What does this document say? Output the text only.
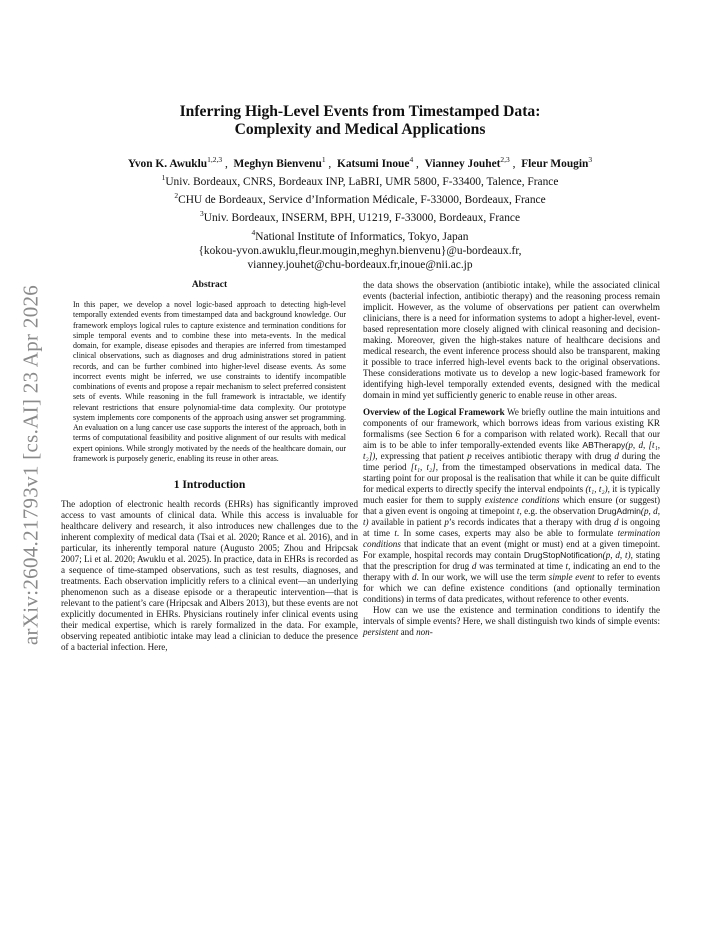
arXiv:2604.21793v1 [cs.AI] 23 Apr 2026
Inferring High-Level Events from Timestamped Data:
Complexity and Medical Applications
Yvon K. Awuklu$^{1,2,3}$ ,  Meghyn Bienvenu$^1$ ,  Katsumi Inoue$^4$ ,  Vianney Jouhet$^{2,3}$ ,  Fleur Mougin$^3$
$^1$Univ. Bordeaux, CNRS, Bordeaux INP, LaBRI, UMR 5800, F-33400, Talence, France
$^2$CHU de Bordeaux, Service d’Information Médicale, F-33000, Bordeaux, France
$^3$Univ. Bordeaux, INSERM, BPH, U1219, F-33000, Bordeaux, France
$^4$National Institute of Informatics, Tokyo, Japan
{kokou-yvon.awuklu,fleur.mougin,meghyn.bienvenu}@u-bordeaux.fr,
vianney.jouhet@chu-bordeaux.fr,inoue@nii.ac.jp
Abstract

In this paper, we develop a novel logic-based approach to detecting high-level temporally extended events from timestamped data and background knowledge. Our framework employs logical rules to capture existence and termination conditions for simple temporal events and to combine these into meta-events. In the medical domain, for example, disease episodes and therapies are inferred from timestamped clinical observations, such as diagnoses and drug administrations stored in patient records, and can be further combined into higher-level disease events. As some incorrect events might be inferred, we use constraints to identify incompatible combinations of events and propose a repair mechanism to select preferred consistent sets of events. While reasoning in the full framework is intractable, we identify relevant restrictions that ensure polynomial-time data complexity. Our prototype system implements core components of the approach using answer set programming. An evaluation on a lung cancer use case supports the interest of the approach, both in terms of computational feasibility and positive alignment of our results with medical expert opinions. While strongly motivated by the needs of the healthcare domain, our framework is purposely generic, enabling its reuse in other areas.

1 Introduction

The adoption of electronic health records (EHRs) has significantly improved access to vast amounts of clinical data. While this access is invaluable for healthcare delivery and research, it also introduces new challenges due to the inherent complexity of medical data (Tsai et al. 2020; Rance et al. 2016), and in particular, its inherently temporal nature (Augusto 2005; Zhou and Hripcsak 2007; Li et al. 2020; Awuklu et al. 2025). In practice, data in EHRs is recorded as a sequence of time-stamped observations, such as test results, diagnoses, and treatments. Each observation implicitly refers to a clinical event—an underlying phenomenon such as a disease episode or a therapeutic intervention—that is relevant to the patient’s care (Hripcsak and Albers 2013), but these events are not explicitly documented in EHRs. Physicians routinely infer clinical events using their medical expertise, which is rarely formalized in the data. For example, observing repeated antibiotic intake may lead a clinician to deduce the presence of a bacterial infection. Here,

the data shows the observation (antibiotic intake), while the associated clinical events (bacterial infection, antibiotic therapy) and the reasoning process remain implicit. However, as the volume of observations per patient can overwhelm clinicians, there is a need for information systems to adopt a higher-level, event-based representation more closely aligned with clinical reasoning and decision-making. Moreover, given the high-stakes nature of healthcare decisions and medical research, the event inference process should also be transparent, making it possible to trace inferred high-level events back to the original observations. These considerations motivate us to develop a new logic-based framework for identifying high-level temporally extended events, designed with the medical domain in mind yet sufficiently generic to enable reuse in other areas.

Overview of the Logical Framework We briefly outline the main intuitions and components of our framework, which borrows ideas from various existing KR formalisms (see Section 6 for a comparison with related work). Recall that our aim is to be able to infer temporally-extended events like ABTherapy(p, d, [t₁, t₂]), expressing that patient p receives antibiotic therapy with drug d during the time period [t₁, t₂], from the timestamped observations in medical data. The starting point for our proposal is the realisation that while it can be quite difficult for medical experts to directly specify the interval endpoints (t₁, t₂), it is typically much easier for them to supply existence conditions which ensure (or suggest) that a given event is ongoing at timepoint t, e.g. the observation DrugAdmin(p, d, t) available in patient p’s records indicates that a therapy with drug d is ongoing at time t. In some cases, experts may also be able to formulate termination conditions that indicate that an event (might or must) end at a given timepoint. For example, hospital records may contain DrugStopNotification(p, d, t), stating that the prescription for drug d was terminated at time t, indicating an end to the therapy with d. In our work, we will use the term simple event to refer to events for which we can define existence conditions (and optionally termination conditions) in terms of data predicates, without reference to other events.

How can we use the existence and termination conditions to identify the intervals of simple events? Here, we shall distinguish two kinds of simple events: persistent and non-
